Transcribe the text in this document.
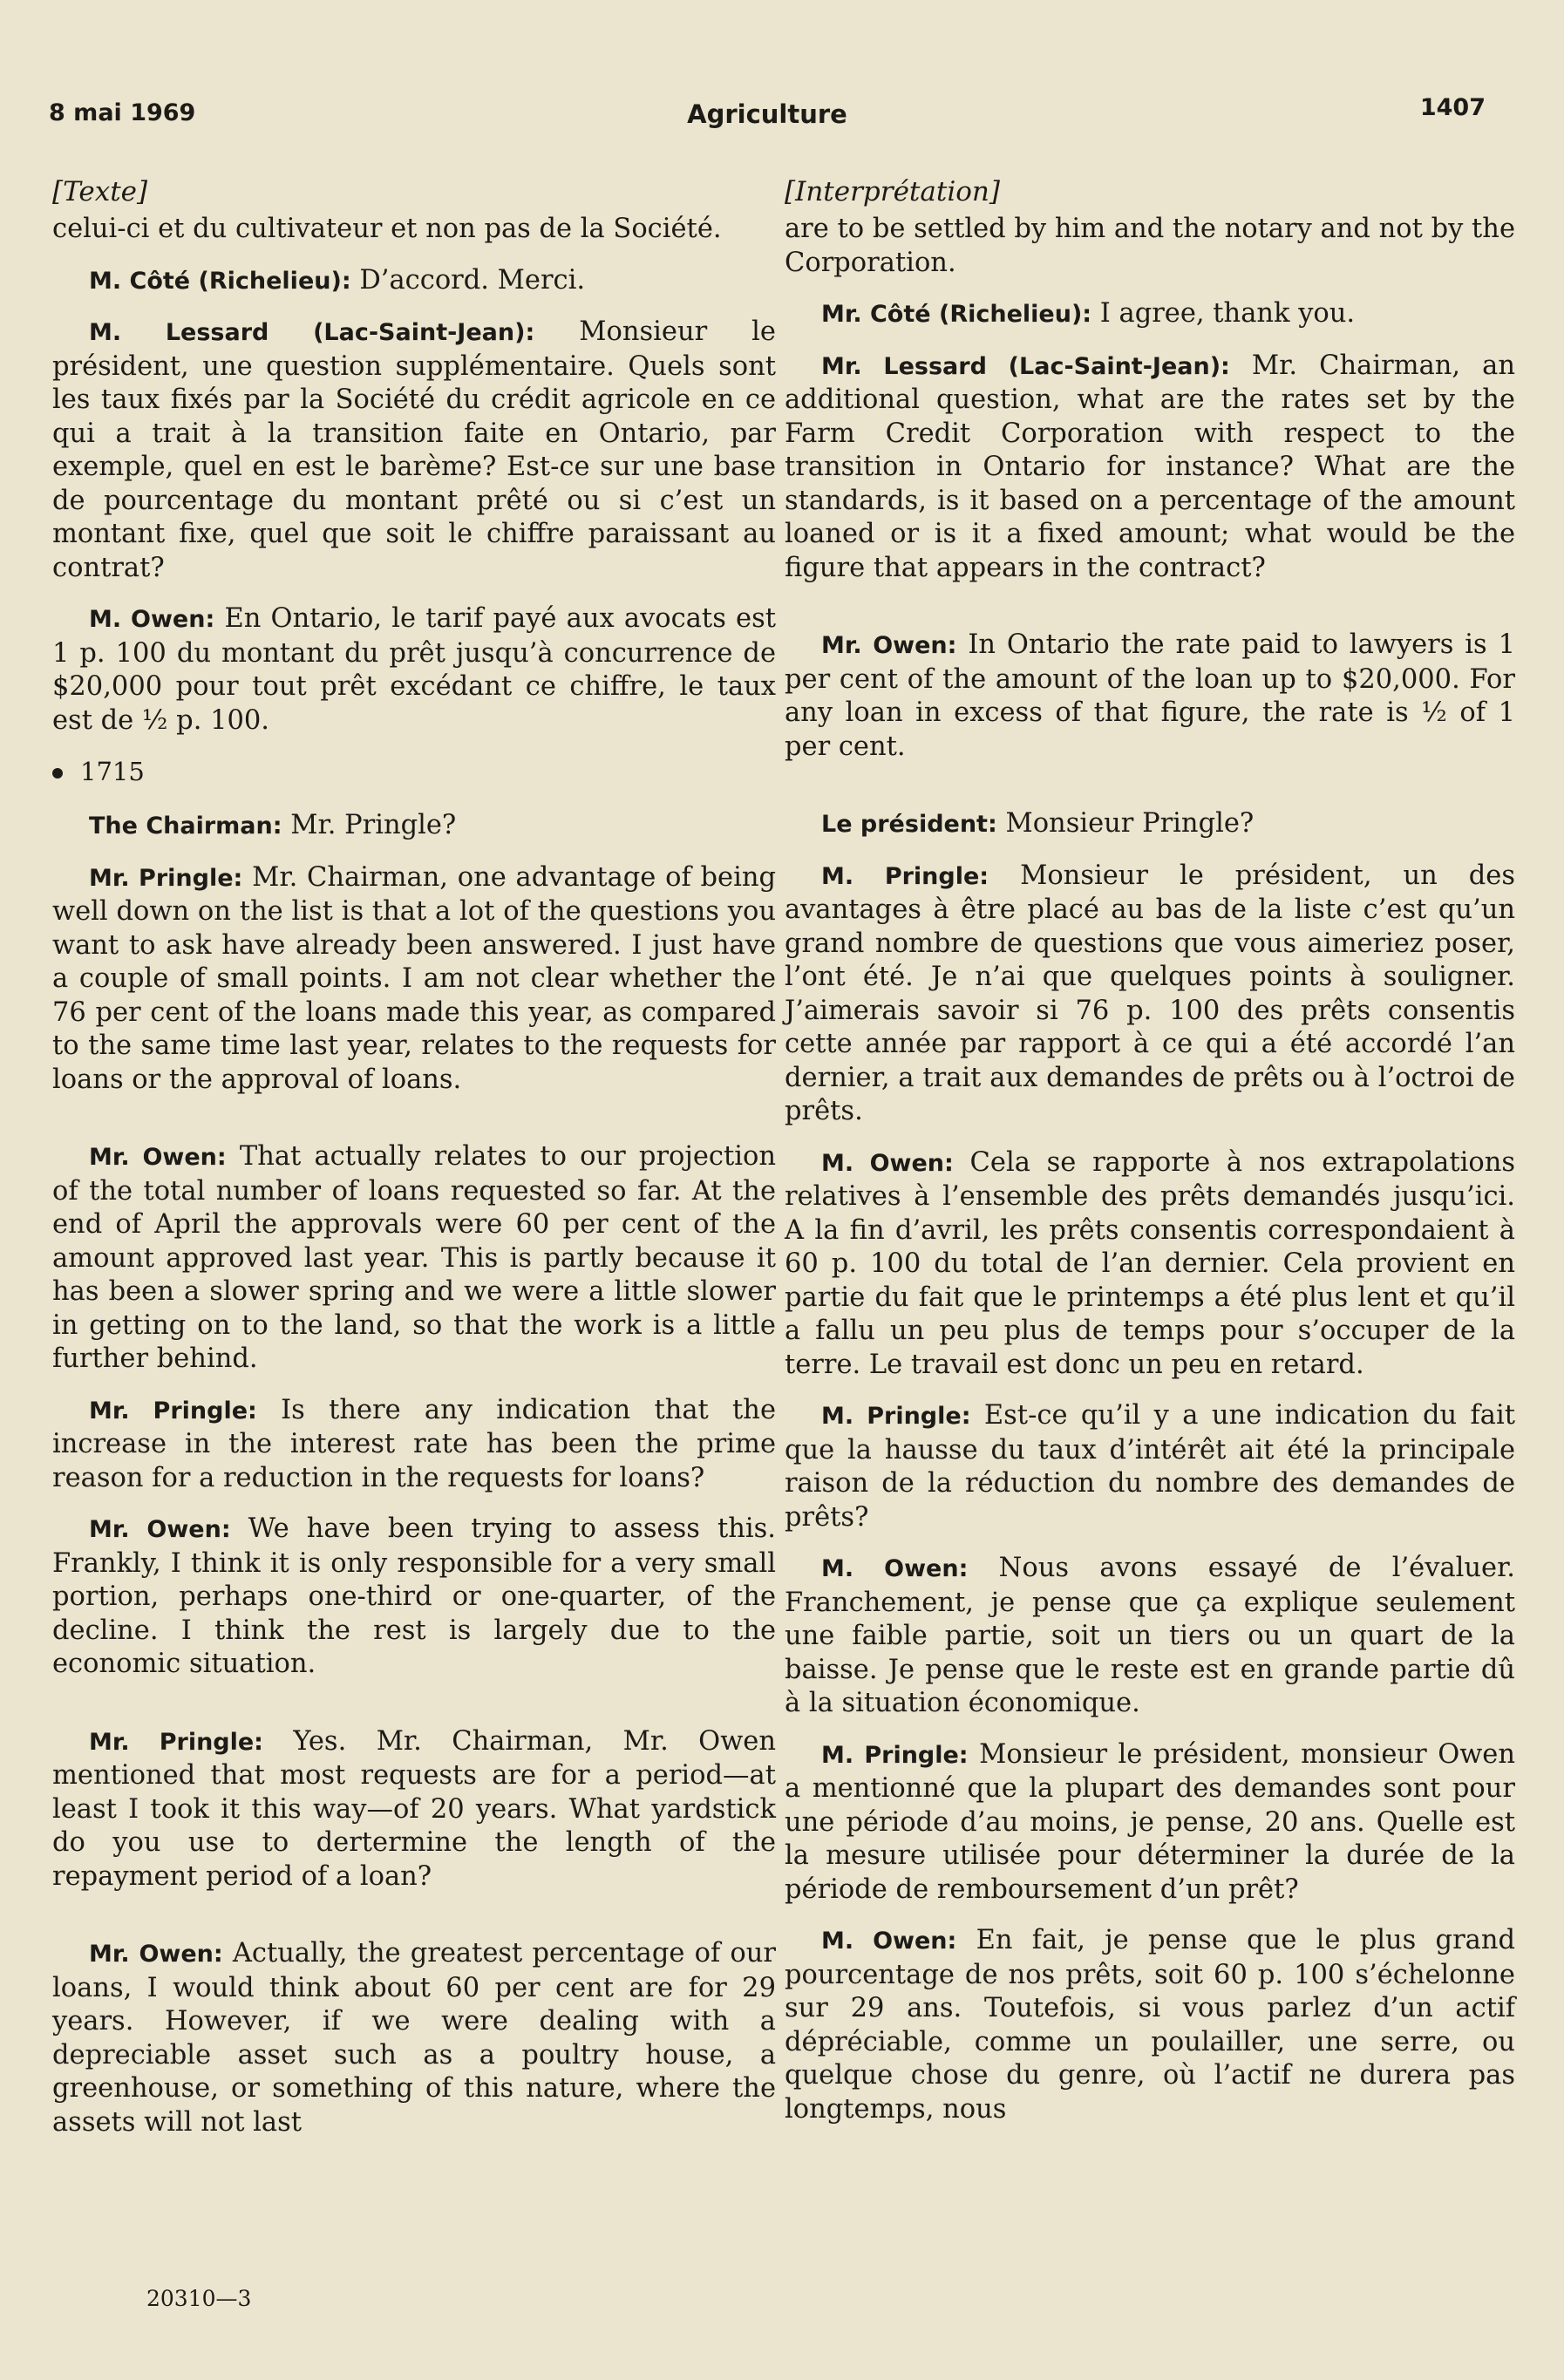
8 mai 1969	Agriculture	1407
[Texte]

celui-ci et du cultivateur et non pas de la Société.

M. Côté (Richelieu): D’accord. Merci.

M. Lessard (Lac-Saint-Jean): Monsieur le président, une question supplémentaire. Quels sont les taux fixés par la Société du crédit agricole en ce qui a trait à la transition faite en Ontario, par exemple, quel en est le barème? Est-ce sur une base de pourcentage du montant prêté ou si c’est un montant fixe, quel que soit le chiffre paraissant au contrat?

M. Owen: En Ontario, le tarif payé aux avocats est 1 p. 100 du montant du prêt jusqu’à concurrence de $20,000 pour tout prêt excédant ce chiffre, le taux est de ½ p. 100.

1715

The Chairman: Mr. Pringle?

Mr. Pringle: Mr. Chairman, one advantage of being well down on the list is that a lot of the questions you want to ask have already been answered. I just have a couple of small points. I am not clear whether the 76 per cent of the loans made this year, as compared to the same time last year, relates to the requests for loans or the approval of loans.

Mr. Owen: That actually relates to our projection of the total number of loans requested so far. At the end of April the approvals were 60 per cent of the amount approved last year. This is partly because it has been a slower spring and we were a little slower in getting on to the land, so that the work is a little further behind.

Mr. Pringle: Is there any indication that the increase in the interest rate has been the prime reason for a reduction in the requests for loans?

Mr. Owen: We have been trying to assess this. Frankly, I think it is only responsible for a very small portion, perhaps one-third or one-quarter, of the decline. I think the rest is largely due to the economic situation.

Mr. Pringle: Yes. Mr. Chairman, Mr. Owen mentioned that most requests are for a period—at least I took it this way—of 20 years. What yardstick do you use to dertermine the length of the repayment period of a loan?

Mr. Owen: Actually, the greatest percentage of our loans, I would think about 60 per cent are for 29 years. However, if we were dealing with a depreciable asset such as a poultry house, a greenhouse, or something of this nature, where the assets will not last

[Interprétation]

are to be settled by him and the notary and not by the Corporation.

Mr. Côté (Richelieu): I agree, thank you.

Mr. Lessard (Lac-Saint-Jean): Mr. Chairman, an additional question, what are the rates set by the Farm Credit Corporation with respect to the transition in Ontario for instance? What are the standards, is it based on a percentage of the amount loaned or is it a fixed amount; what would be the figure that appears in the contract?

Mr. Owen: In Ontario the rate paid to lawyers is 1 per cent of the amount of the loan up to $20,000. For any loan in excess of that figure, the rate is ½ of 1 per cent.

Le président: Monsieur Pringle?

M. Pringle: Monsieur le président, un des avantages à être placé au bas de la liste c’est qu’un grand nombre de questions que vous aimeriez poser, l’ont été. Je n’ai que quelques points à souligner. J’aimerais savoir si 76 p. 100 des prêts consentis cette année par rapport à ce qui a été accordé l’an dernier, a trait aux demandes de prêts ou à l’octroi de prêts.

M. Owen: Cela se rapporte à nos extrapolations relatives à l’ensemble des prêts demandés jusqu’ici. A la fin d’avril, les prêts consentis correspondaient à 60 p. 100 du total de l’an dernier. Cela provient en partie du fait que le printemps a été plus lent et qu’il a fallu un peu plus de temps pour s’occuper de la terre. Le travail est donc un peu en retard.

M. Pringle: Est-ce qu’il y a une indication du fait que la hausse du taux d’intérêt ait été la principale raison de la réduction du nombre des demandes de prêts?

M. Owen: Nous avons essayé de l’évaluer. Franchement, je pense que ça explique seulement une faible partie, soit un tiers ou un quart de la baisse. Je pense que le reste est en grande partie dû à la situation économique.

M. Pringle: Monsieur le président, monsieur Owen a mentionné que la plupart des demandes sont pour une période d’au moins, je pense, 20 ans. Quelle est la mesure utilisée pour déterminer la durée de la période de remboursement d’un prêt?

M. Owen: En fait, je pense que le plus grand pourcentage de nos prêts, soit 60 p. 100 s’échelonne sur 29 ans. Toutefois, si vous parlez d’un actif dépréciable, comme un poulailler, une serre, ou quelque chose du genre, où l’actif ne durera pas longtemps, nous

20310—3
